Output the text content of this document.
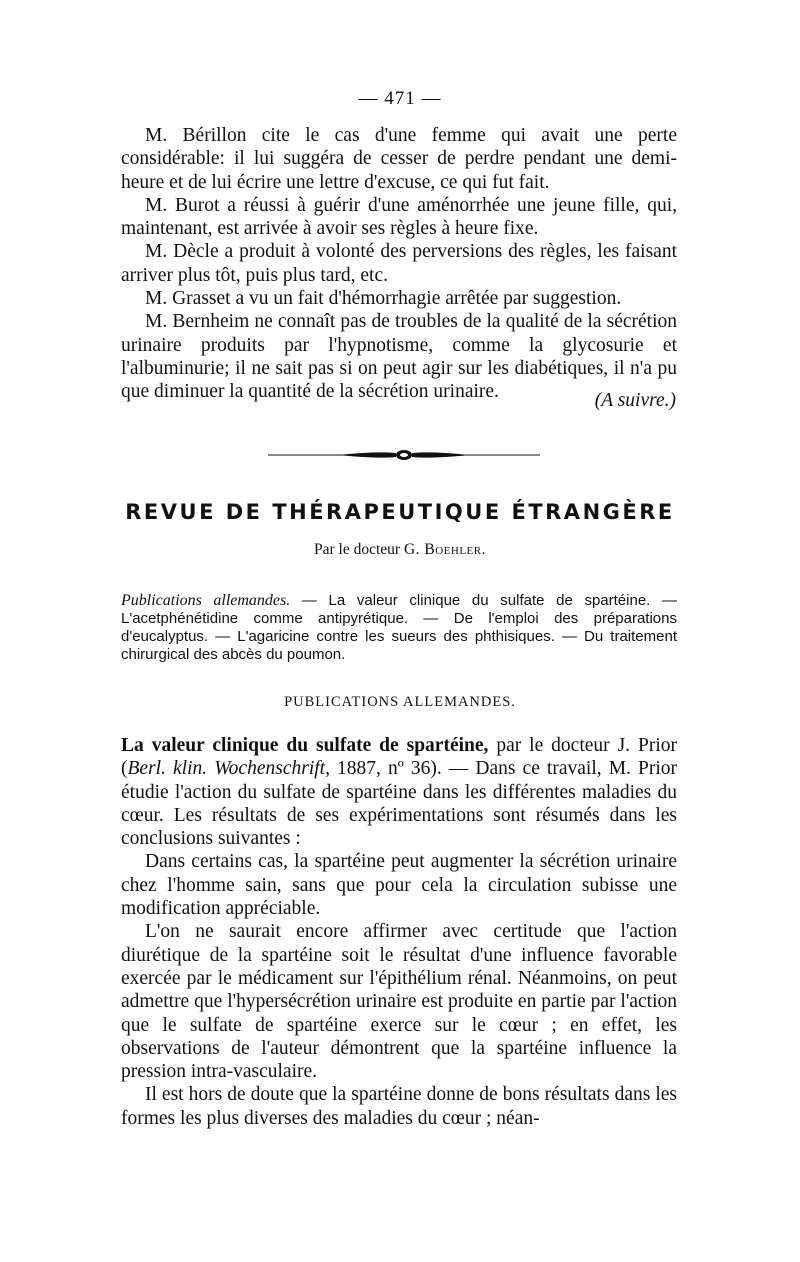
— 471 —

M. Bérillon cite le cas d'une femme qui avait une perte considérable: il lui suggéra de cesser de perdre pendant une demi-heure et de lui écrire une lettre d'excuse, ce qui fut fait.

M. Burot a réussi à guérir d'une aménorrhée une jeune fille, qui, maintenant, est arrivée à avoir ses règles à heure fixe.

M. Dècle a produit à volonté des perversions des règles, les faisant arriver plus tôt, puis plus tard, etc.

M. Grasset a vu un fait d'hémorrhagie arrêtée par suggestion.

M. Bernheim ne connaît pas de troubles de la qualité de la sécrétion urinaire produits par l'hypnotisme, comme la glycosurie et l'albuminurie; il ne sait pas si on peut agir sur les diabétiques, il n'a pu que diminuer la quantité de la sécrétion urinaire.	(A suivre.)
REVUE DE THÉRAPEUTIQUE ÉTRANGÈRE
Par le docteur G. Boehler.
Publications allemandes. — La valeur clinique du sulfate de spartéine. — L'acetphénétidine comme antipyrétique. — De l'emploi des préparations d'eucalyptus. — L'agaricine contre les sueurs des phthisiques. — Du traitement chirurgical des abcès du poumon.
PUBLICATIONS ALLEMANDES.

La valeur clinique du sulfate de spartéine, par le docteur J. Prior (Berl. klin. Wochenschrift, 1887, nº 36). — Dans ce travail, M. Prior étudie l'action du sulfate de spartéine dans les différentes maladies du cœur. Les résultats de ses expérimentations sont résumés dans les conclusions suivantes :

Dans certains cas, la spartéine peut augmenter la sécrétion urinaire chez l'homme sain, sans que pour cela la circulation subisse une modification appréciable.

L'on ne saurait encore affirmer avec certitude que l'action diurétique de la spartéine soit le résultat d'une influence favorable exercée par le médicament sur l'épithélium rénal. Néanmoins, on peut admettre que l'hypersécrétion urinaire est produite en partie par l'action que le sulfate de spartéine exerce sur le cœur ; en effet, les observations de l'auteur démontrent que la spartéine influence la pression intra-vasculaire.

Il est hors de doute que la spartéine donne de bons résultats dans les formes les plus diverses des maladies du cœur ; néan-
